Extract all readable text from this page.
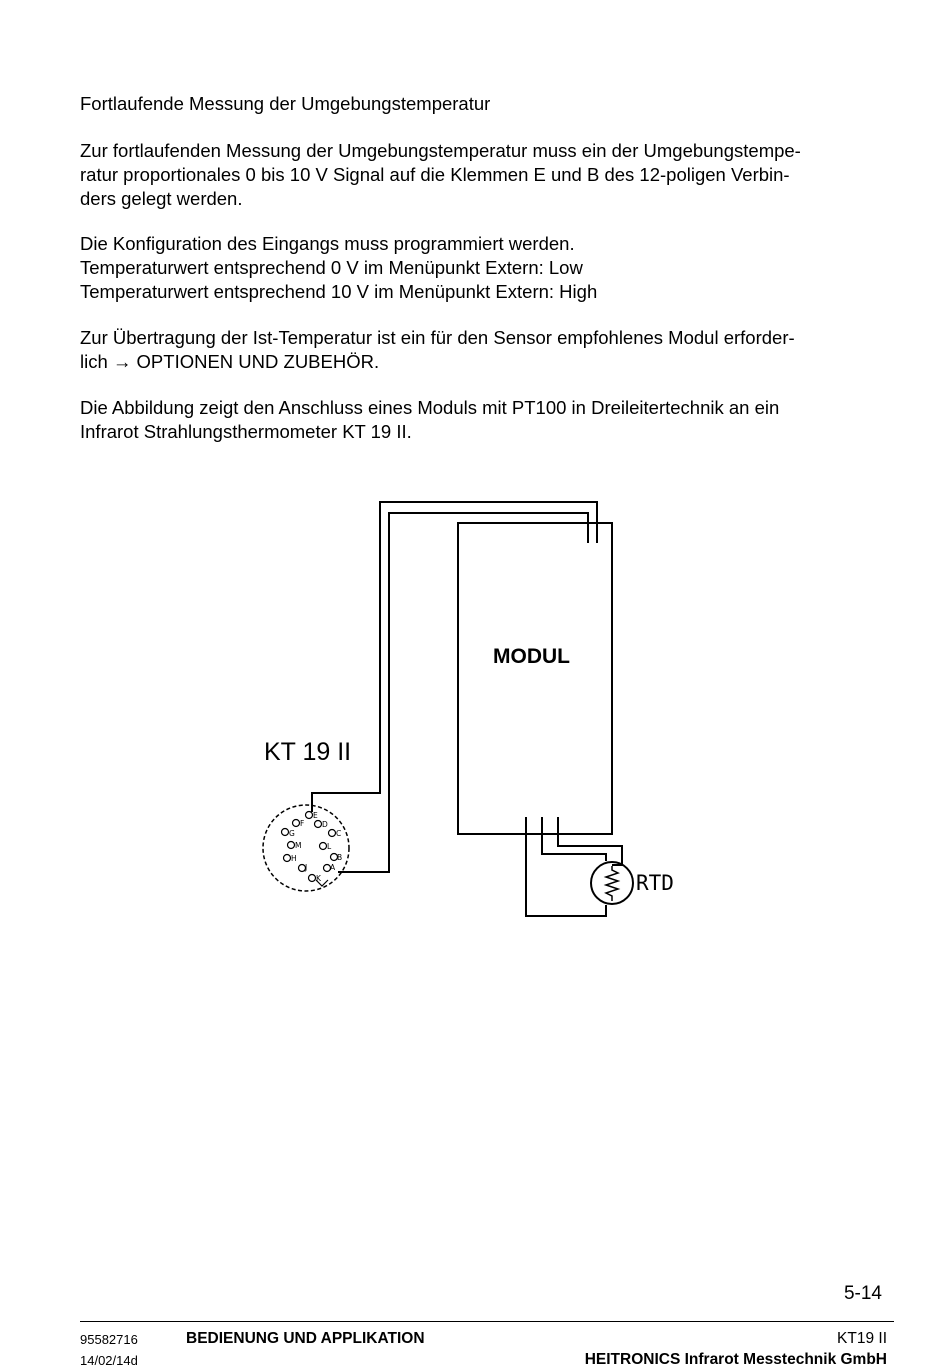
Fortlaufende Messung der Umgebungstemperatur

Zur fortlaufenden Messung der Umgebungstemperatur muss ein der Umgebungstempe-

ratur proportionales 0 bis 10 V Signal auf die Klemmen E und B des 12-poligen Verbin-

ders gelegt werden.

Die Konfiguration des Eingangs muss programmiert werden.

Temperaturwert entsprechend 0 V im Menüpunkt Extern: Low

Temperaturwert entsprechend 10 V im Menüpunkt Extern: High

Zur Übertragung der Ist-Temperatur ist ein für den Sensor empfohlenes Modul erforder-

lich → OPTIONEN UND ZUBEHÖR.

Die Abbildung zeigt den Anschluss eines Moduls mit PT100 in Dreileitertechnik an ein

Infrarot Strahlungsthermometer KT 19 II.

E
F
G
H
M
J
K
A
B
L
C
D
MODUL
KT 19 II
RTD
5-14
95582716
14/02/14d
BEDIENUNG UND APPLIKATION	KT19 II
HEITRONICS Infrarot Messtechnik GmbH
